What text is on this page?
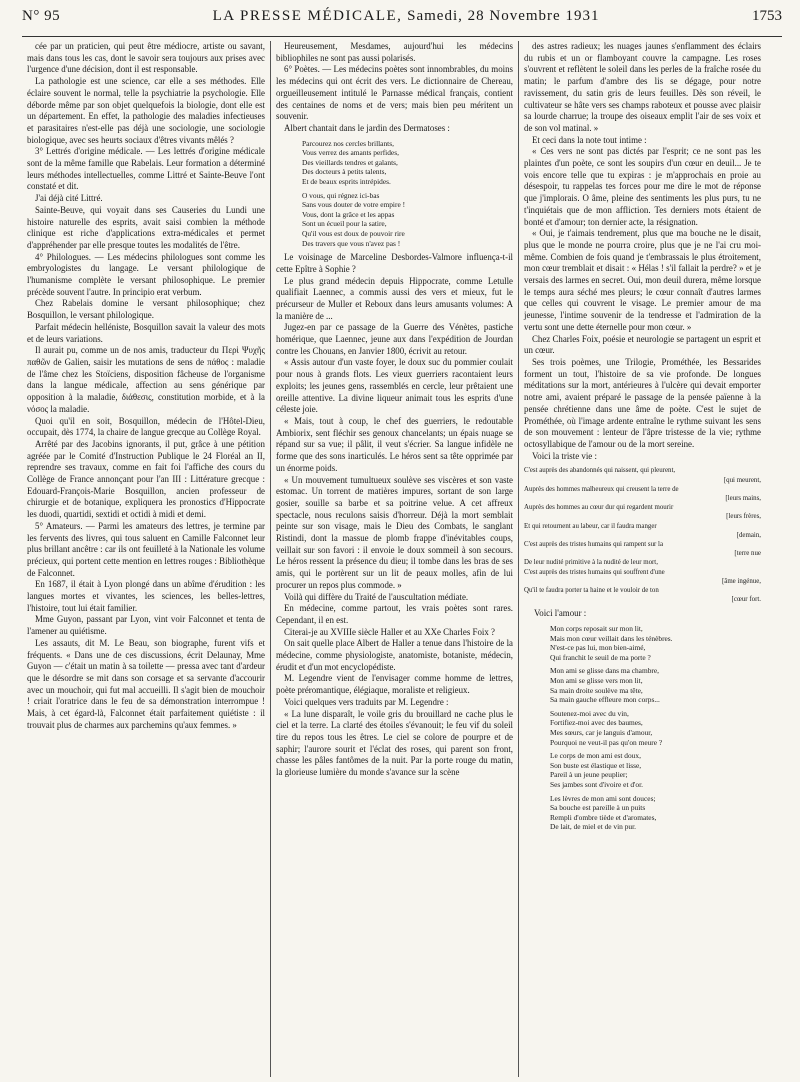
N° 95	LA PRESSE MÉDICALE, Samedi, 28 Novembre 1931	1753

cée par un praticien, qui peut être médiocre, artiste ou savant, mais dans tous les cas, dont le savoir sera toujours aux prises avec l'urgence d'une décision, dont il est responsable.

La pathologie est une science, car elle a ses méthodes. Elle éclaire souvent le normal, telle la psychiatrie la psychologie. Elle déborde même par son objet quelquefois la biologie, dont elle est un département. En effet, la pathologie des maladies infectieuses et parasitaires n'est-elle pas déjà une sociologie, une sociologie biologique, avec ses heurts sociaux d'êtres vivants mêlés ?

3° Lettrés d'origine médicale. — Les lettrés d'origine médicale sont de la même famille que Rabelais. Leur formation a déterminé leurs méthodes intellectuelles, comme Littré et Sainte-Beuve l'ont constaté et dit.

J'ai déjà cité Littré.

Sainte-Beuve, qui voyait dans ses Causeries du Lundi une histoire naturelle des esprits, avait saisi combien la méthode clinique est riche d'applications extra-médicales et permet d'appréhender par elle presque toutes les modalités de l'être.

4° Philologues. — Les médecins philologues sont comme les embryologistes du langage. Le versant philologique de l'humanisme complète le versant philosophique. Le premier précède souvent l'autre. In principio erat verbum.

Chez Rabelais domine le versant philosophique; chez Bosquillon, le versant philologique.

Parfait médecin helléniste, Bosquillon savait la valeur des mots et de leurs variations.

Il aurait pu, comme un de nos amis, traducteur du Περὶ Ψυχῆς παθῶν de Galien, saisir les mutations de sens de πάθος : maladie de l'âme chez les Stoïciens, disposition fâcheuse de l'organisme dans la langue médicale, affection au sens générique par opposition à la maladie, διάθεσις, constitution morbide, et à la νόσος la maladie.

Quoi qu'il en soit, Bosquillon, médecin de l'Hôtel-Dieu, occupait, dès 1774, la chaire de langue grecque au Collège Royal.

Arrêté par des Jacobins ignorants, il put, grâce à une pétition agréée par le Comité d'Instruction Publique le 24 Floréal an II, reprendre ses travaux, comme en fait foi l'affiche des cours du Collège de France annonçant pour l'an III : Littérature grecque : Edouard-François-Marie Bosquillon, ancien professeur de chirurgie et de botanique, expliquera les pronostics d'Hippocrate les duodi, quartidi, sextidi et octidi à midi et demi.

5° Amateurs. — Parmi les amateurs des lettres, je termine par les fervents des livres, qui tous saluent en Camille Falconnet leur plus brillant ancêtre : car ils ont feuilleté à la Nationale les volume précieux, qui portent cette mention en lettres rouges : Bibliothèque de Falconnet.

En 1687, il était à Lyon plongé dans un abîme d'érudition : les langues mortes et vivantes, les sciences, les belles-lettres, l'histoire, tout lui était familier.

Mme Guyon, passant par Lyon, vint voir Falconnet et tenta de l'amener au quiétisme.

Les assauts, dit M. Le Beau, son biographe, furent vifs et fréquents. « Dans une de ces discussions, écrit Delaunay, Mme Guyon — c'était un matin à sa toilette — pressa avec tant d'ardeur que le désordre se mit dans son corsage et sa servante d'accourir avec un mouchoir, qui fut mal accueilli. Il s'agit bien de mouchoir ! criait l'oratrice dans le feu de sa démonstration interrompue ! Mais, à cet égard-là, Falconnet était parfaitement quiétiste : il trouvait plus de charmes aux parchemins qu'aux femmes. »

Heureusement, Mesdames, aujourd'hui les médecins bibliophiles ne sont pas aussi polarisés.

6° Poètes. — Les médecins poètes sont innombrables, du moins les médecins qui ont écrit des vers. Le dictionnaire de Chereau, orgueilleusement intitulé le Parnasse médical français, contient des centaines de noms et de vers; mais bien peu méritent un souvenir.

Albert chantait dans le jardin des Dermatoses :

Parcourez nos cercles brillants,
Vous verrez des amants perfides,
Des vieillards tendres et galants,
Des docteurs à petits talents,
Et de beaux esprits intrépides.
O vous, qui régnez ici-bas
Sans vous douter de votre empire !
Vous, dont la grâce et les appas
Sont un écueil pour la satire,
Qu'il vous est doux de pouvoir rire
Des travers que vous n'avez pas !

Le voisinage de Marceline Desbordes-Valmore influença-t-il cette Epître à Sophie ?

Le plus grand médecin depuis Hippocrate, comme Letulle qualifiait Laennec, a commis aussi des vers et mieux, fut le précurseur de Muller et Reboux dans leurs amusants volumes: A la manière de ...

Jugez-en par ce passage de la Guerre des Vénètes, pastiche homérique, que Laennec, jeune aux dans l'expédition de Jourdan contre les Chouans, en Janvier 1800, écrivit au retour.

« Assis autour d'un vaste foyer, le doux suc du pommier coulait pour nous à grands flots. Les vieux guerriers racontaient leurs exploits; les jeunes gens, rassemblés en cercle, leur prêtaient une oreille attentive. La divine liqueur animait tous les esprits d'une céleste joie.

« Mais, tout à coup, le chef des guerriers, le redoutable Ambiorix, sent fléchir ses genoux chancelants; un épais nuage se répand sur sa vue; il pâlit, il veut s'écrier. Sa langue infidèle ne forme que des sons inarticulés. Le héros sent sa tête opprimée par un énorme poids.

« Un mouvement tumultueux soulève ses viscères et son vaste estomac. Un torrent de matières impures, sortant de son large gosier, souille sa barbe et sa poitrine velue. A cet affreux spectacle, nous reculons saisis d'horreur. Déjà la mort semblait peinte sur son visage, mais le Dieu des Combats, le sanglant Ristindi, dont la massue de plomb frappe d'inévitables coups, veillait sur son favori : il envoie le doux sommeil à son secours. Le héros ressent la présence du dieu; il tombe dans les bras de ses amis, qui le portèrent sur un lit de peaux molles, afin de lui procurer un repos plus commode. »

Voilà qui diffère du Traité de l'auscultation médiate.

En médecine, comme partout, les vrais poètes sont rares. Cependant, il en est.

Citerai-je au XVIIIe siècle Haller et au XXe Charles Foix ?

On sait quelle place Albert de Haller a tenue dans l'histoire de la médecine, comme physiologiste, anatomiste, botaniste, médecin, érudit et d'un mot encyclopédiste.

M. Legendre vient de l'envisager comme homme de lettres, poète préromantique, élégiaque, moraliste et religieux.

Voici quelques vers traduits par M. Legendre :

« La lune disparaît, le voile gris du brouillard ne cache plus le ciel et la terre. La clarté des étoiles s'évanouit; le feu vif du soleil tire du repos tous les êtres. Le ciel se colore de pourpre et de saphir; l'aurore sourit et l'éclat des roses, qui parent son front, chasse les pâles fantômes de la nuit. Par la porte rouge du matin, la glorieuse lumière du monde s'avance sur la scène

des astres radieux; les nuages jaunes s'enflamment des éclairs du rubis et un or flamboyant couvre la campagne. Les roses s'ouvrent et reflètent le soleil dans les perles de la fraîche rosée du matin; le parfum d'ambre des lis se dégage, pour notre ravissement, du satin gris de leurs feuilles. Dès son réveil, le cultivateur se hâte vers ses champs raboteux et pousse avec plaisir sa lourde charrue; la troupe des oiseaux emplit l'air de ses voix et de son vol matinal. »

Et ceci dans la note tout intime :

« Ces vers ne sont pas dictés par l'esprit; ce ne sont pas les plaintes d'un poète, ce sont les soupirs d'un cœur en deuil... Je te vois encore telle que tu expiras : je m'approchais en proie au désespoir, tu rappelas tes forces pour me dire le mot de réponse que j'implorais. O âme, pleine des sentiments les plus purs, tu ne t'inquiétais que de mon affliction. Tes derniers mots étaient de bonté et d'amour; ton dernier acte, la résignation.

« Oui, je t'aimais tendrement, plus que ma bouche ne le disait, plus que le monde ne pourra croire, plus que je ne l'ai cru moi-même. Combien de fois quand je t'embrassais le plus étroitement, mon cœur tremblait et disait : « Hélas ! s'il fallait la perdre? » et je versais des larmes en secret. Oui, mon deuil durera, même lorsque le temps aura séché mes pleurs; le cœur connaît d'autres larmes que celles qui couvrent le visage. Le premier amour de ma jeunesse, l'intime souvenir de la tendresse et l'admiration de la vertu sont une dette éternelle pour mon cœur. »

Chez Charles Foix, poésie et neurologie se partagent un esprit et un cœur.

Ses trois poèmes, une Trilogie, Prométhée, les Bessarides forment un tout, l'histoire de sa vie profonde. De longues méditations sur la mort, antérieures à l'ulcère qui devait emporter notre ami, avaient préparé le passage de la pensée païenne à la pensée chrétienne dans une âme de poète. C'est le sujet de Prométhée, où l'image ardente entraîne le rythme suivant les sens de son mouvement : lenteur de l'âpre tristesse de la vie; rythme octosyllabique de l'amour ou de la mort sereine.

Voici la triste vie :

C'est auprès des abandonnés qui naissent, qui pleurent,
[qui meurent,
Auprès des hommes malheureux qui creusent la terre de
[leurs mains,
Auprès des hommes au cœur dur qui regardent mourir
[leurs frères,
Et qui retournent au labeur, car il faudra manger
[demain,
C'est auprès des tristes humains qui rampent sur la
[terre nue
De leur nudité primitive à la nudité de leur mort,
C'est auprès des tristes humains qui souffrent d'une
[âme ingénue,
Qu'il te faudra porter ta haine et le vouloir de ton
[cœur fort.

Voici l'amour :

Mon corps reposait sur mon lit,
Mais mon cœur veillait dans les ténèbres.
N'est-ce pas lui, mon bien-aimé,
Qui franchit le seuil de ma porte ?
Mon ami se glisse dans ma chambre,
Mon ami se glisse vers mon lit,
Sa main droite soulève ma tête,
Sa main gauche effleure mon corps...
Soutenez-moi avec du vin,
Fortifiez-moi avec des baumes,
Mes sœurs, car je languis d'amour,
Pourquoi ne veut-il pas qu'on meure ?
Le corps de mon ami est doux,
Son buste est élastique et lisse,
Pareil à un jeune peuplier;
Ses jambes sont d'ivoire et d'or.
Les lèvres de mon ami sont douces;
Sa bouche est pareille à un puits
Rempli d'ombre tiède et d'aromates,
De lait, de miel et de vin pur.
